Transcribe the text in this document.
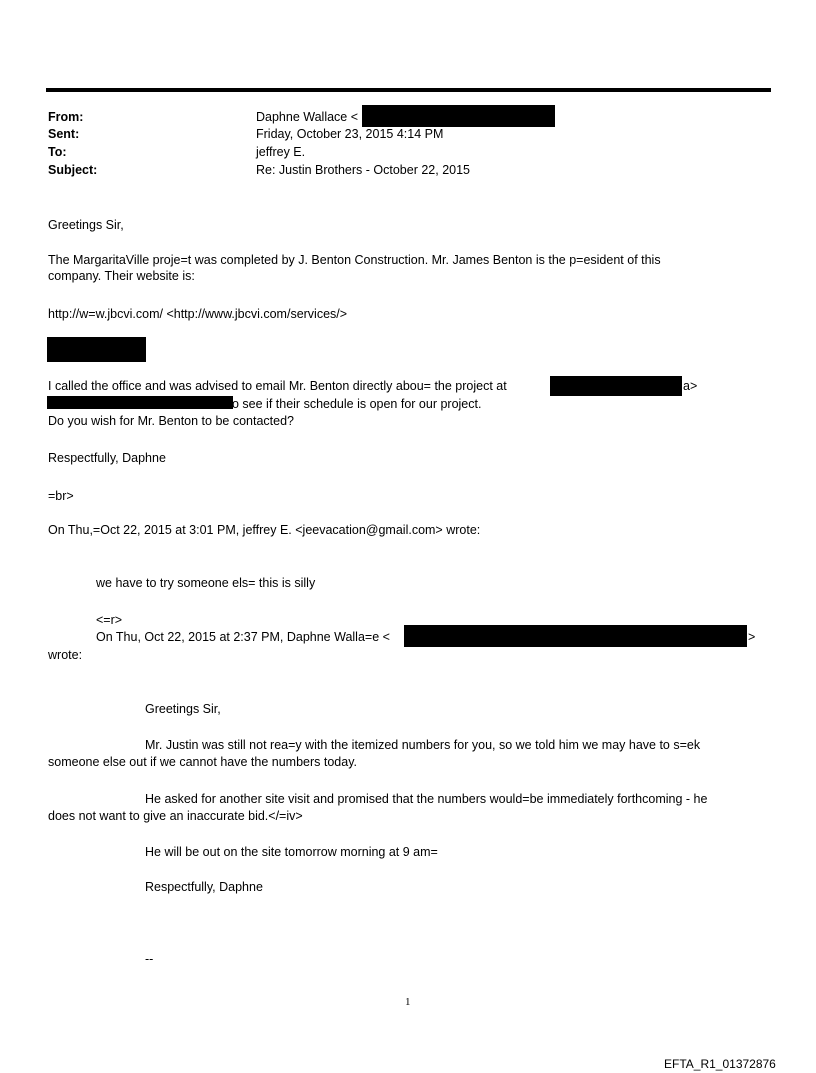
From:	Daphne Wallace <
Sent:	Friday, October 23, 2015 4:14 PM
To:	jeffrey E.
Subject:	Re: Justin Brothers - October 22, 2015
Greetings Sir,
The MargaritaVille proje=t was completed by J. Benton Construction. Mr. James Benton is the p=esident of this
company. Their website is:
http://w=w.jbcvi.com/ <http://www.jbcvi.com/services/>
I called the office and was advised to email Mr. Benton directly abou= the project at	a>
o see if their schedule is open for our project.
Do you wish for Mr. Benton to be contacted?
Respectfully, Daphne
=br>
On Thu,=Oct 22, 2015 at 3:01 PM, jeffrey E. <jeevacation@gmail.com> wrote:
we have to try someone els= this is silly
<=r>
On Thu, Oct 22, 2015 at 2:37 PM, Daphne Walla=e <	>
wrote:
Greetings Sir,
Mr. Justin was still not rea=y with the itemized numbers for you, so we told him we may have to s=ek
someone else out if we cannot have the numbers today.
He asked for another site visit and promised that the numbers would=be immediately forthcoming - he
does not want to give an inaccurate bid.</=iv>
He will be out on the site tomorrow morning at 9 am=
Respectfully, Daphne
--
1
EFTA_R1_01372876
